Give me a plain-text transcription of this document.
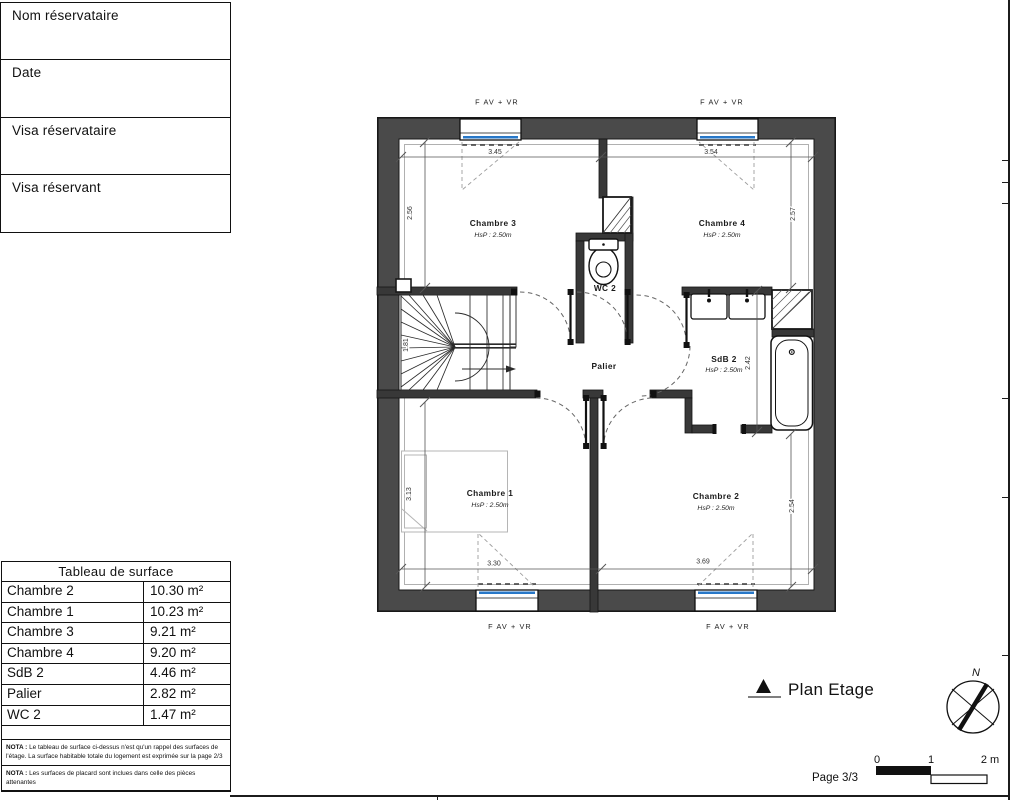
Nom réservataire
Date
Visa réservataire
Visa réservant
Tableau de surface
Chambre 2	10.30 m²
Chambre 1	10.23 m²
Chambre 3	9.21 m²
Chambre 4	9.20 m²
SdB 2	4.46 m²
Palier	2.82 m²
WC 2	1.47 m²
NOTA : Le tableau de surface ci-dessus n'est qu'un rappel des surfaces de l'étage. La surface habitable totale du logement est exprimée sur la page 2/3
NOTA : Les surfaces de placard sont inclues dans celle des pièces attenantes
3.45	3.54
3.30	3.69
2.56	2.57
3.13
2.54
2.42
1.81
Chambre 3
HsP : 2.50m
Chambre 4
HsP : 2.50m
WC 2
SdB 2
HsP : 2.50m
Palier
Chambre 1
HsP : 2.50m
Chambre 2
HsP : 2.50m
F AV + VR	F AV + VR
F AV + VR	F AV + VR
Plan Etage
N
0	1	2 m
Page 3/3
